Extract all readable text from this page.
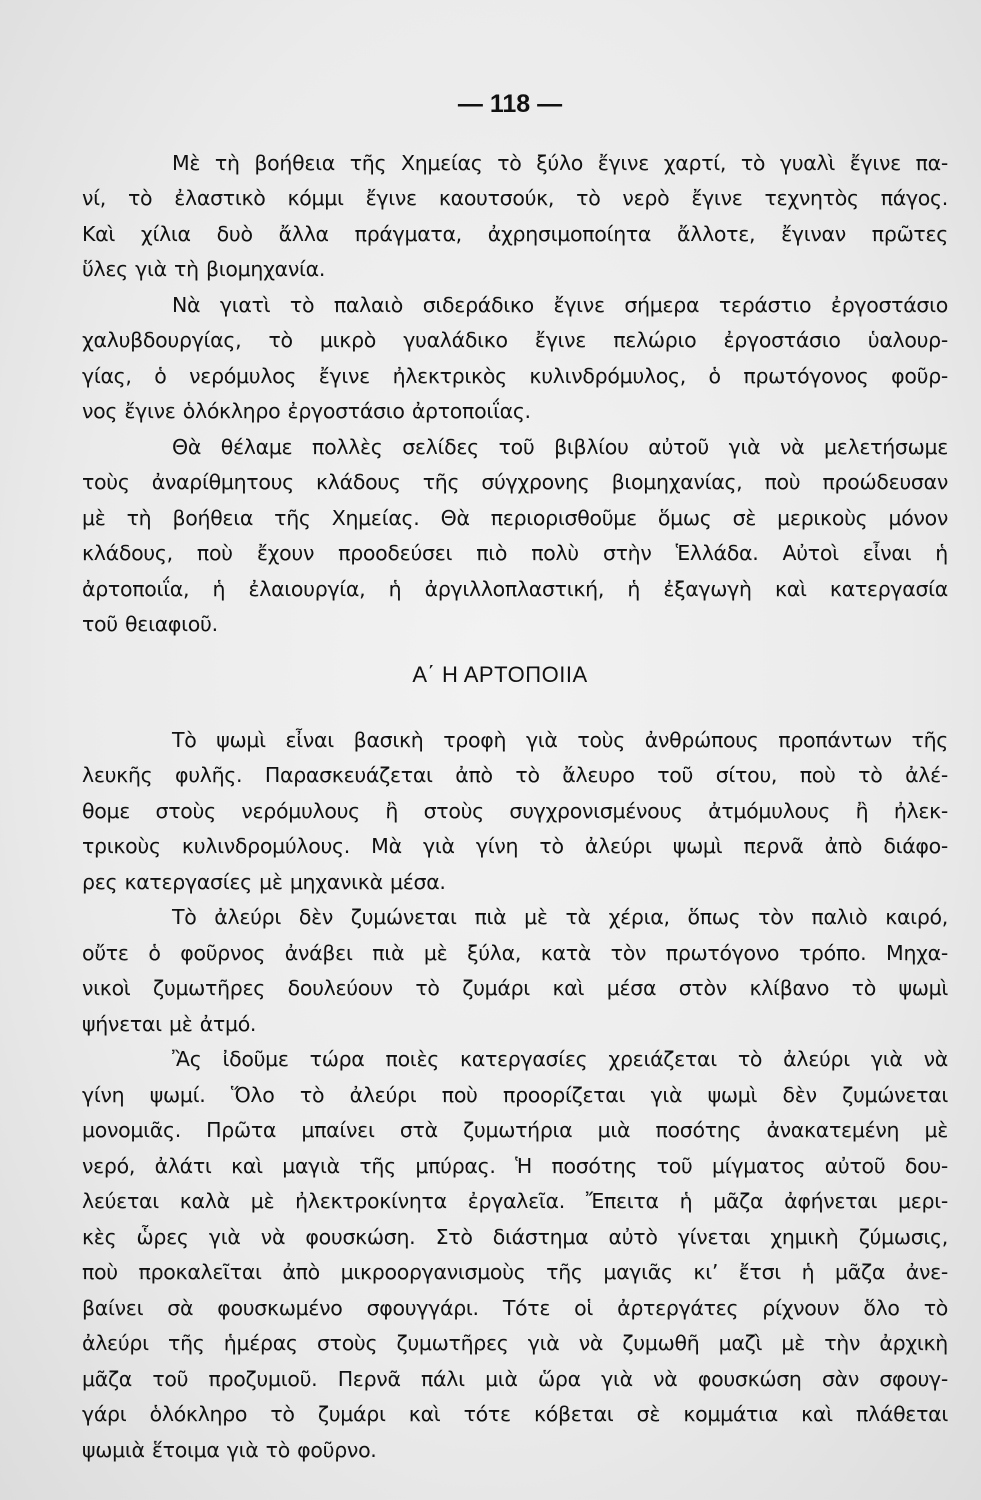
— 118 —
Μὲ τὴ βοήθεια τῆς Χημείας τὸ ξύλο ἔγινε χαρτί, τὸ γυαλὶ ἔγινε πα-
νί, τὸ ἐλαστικὸ κόμμι ἔγινε καουτσούκ, τὸ νερὸ ἔγινε τεχνητὸς πάγος.
Καὶ χίλια δυὸ ἄλλα πράγματα, ἀχρησιμοποίητα ἄλλοτε, ἔγιναν πρῶτες
ὕλες γιὰ τὴ βιομηχανία.
Νὰ γιατὶ τὸ παλαιὸ σιδεράδικο ἔγινε σήμερα τεράστιο ἐργοστάσιο
χαλυβδουργίας, τὸ μικρὸ γυαλάδικο ἔγινε πελώριο ἐργοστάσιο ὑαλουρ-
γίας, ὁ νερόμυλος ἔγινε ἠλεκτρικὸς κυλινδρόμυλος, ὁ πρωτόγονος φοῦρ-
νος ἔγινε ὁλόκληρο ἐργοστάσιο ἀρτοποιΐας.
Θὰ θέλαμε πολλὲς σελίδες τοῦ βιβλίου αὐτοῦ γιὰ νὰ μελετήσωμε
τοὺς ἀναρίθμητους κλάδους τῆς σύγχρονης βιομηχανίας, ποὺ προώδευσαν
μὲ τὴ βοήθεια τῆς Χημείας. Θὰ περιορισθοῦμε ὅμως σὲ μερικοὺς μόνον
κλάδους, ποὺ ἔχουν προοδεύσει πιὸ πολὺ στὴν Ἑλλάδα. Αὐτοὶ εἶναι ἡ
ἀρτοποιΐα, ἡ ἐλαιουργία, ἡ ἀργιλλοπλαστική, ἡ ἐξαγωγὴ καὶ κατεργασία
τοῦ θειαφιοῦ.
Α΄ Η ΑΡΤΟΠΟΙΙΑ
Τὸ ψωμὶ εἶναι βασικὴ τροφὴ γιὰ τοὺς ἀνθρώπους προπάντων τῆς
λευκῆς φυλῆς. Παρασκευάζεται ἀπὸ τὸ ἄλευρο τοῦ σίτου, ποὺ τὸ ἀλέ-
θομε στοὺς νερόμυλους ἢ στοὺς συγχρονισμένους ἀτμόμυλους ἢ ἠλεκ-
τρικοὺς κυλινδρομύλους. Μὰ γιὰ γίνη τὸ ἀλεύρι ψωμὶ περνᾶ ἀπὸ διάφο-
ρες κατεργασίες μὲ μηχανικὰ μέσα.
Τὸ ἀλεύρι δὲν ζυμώνεται πιὰ μὲ τὰ χέρια, ὅπως τὸν παλιὸ καιρό,
οὔτε ὁ φοῦρνος ἀνάβει πιὰ μὲ ξύλα, κατὰ τὸν πρωτόγονο τρόπο. Μηχα-
νικοὶ ζυμωτῆρες δουλεύουν τὸ ζυμάρι καὶ μέσα στὸν κλίβανο τὸ ψωμὶ
ψήνεται μὲ ἀτμό.
Ἂς ἰδοῦμε τώρα ποιὲς κατεργασίες χρειάζεται τὸ ἀλεύρι γιὰ νὰ
γίνη ψωμί. Ὅλο τὸ ἀλεύρι ποὺ προορίζεται γιὰ ψωμὶ δὲν ζυμώνεται
μονομιᾶς. Πρῶτα μπαίνει στὰ ζυμωτήρια μιὰ ποσότης ἀνακατεμένη μὲ
νερό, ἀλάτι καὶ μαγιὰ τῆς μπύρας. Ἡ ποσότης τοῦ μίγματος αὐτοῦ δου-
λεύεται καλὰ μὲ ἠλεκτροκίνητα ἐργαλεῖα. Ἔπειτα ἡ μᾶζα ἀφήνεται μερι-
κὲς ὧρες γιὰ νὰ φουσκώση. Στὸ διάστημα αὐτὸ γίνεται χημικὴ ζύμωσις,
ποὺ προκαλεῖται ἀπὸ μικροοργανισμοὺς τῆς μαγιᾶς κι’ ἔτσι ἡ μᾶζα ἀνε-
βαίνει σὰ φουσκωμένο σφουγγάρι. Τότε οἱ ἀρτεργάτες ρίχνουν ὅλο τὸ
ἀλεύρι τῆς ἡμέρας στοὺς ζυμωτῆρες γιὰ νὰ ζυμωθῆ μαζὶ μὲ τὴν ἀρχικὴ
μᾶζα τοῦ προζυμιοῦ. Περνᾶ πάλι μιὰ ὥρα γιὰ νὰ φουσκώση σὰν σφουγ-
γάρι ὁλόκληρο τὸ ζυμάρι καὶ τότε κόβεται σὲ κομμάτια καὶ πλάθεται
ψωμιὰ ἕτοιμα γιὰ τὸ φοῦρνο.
